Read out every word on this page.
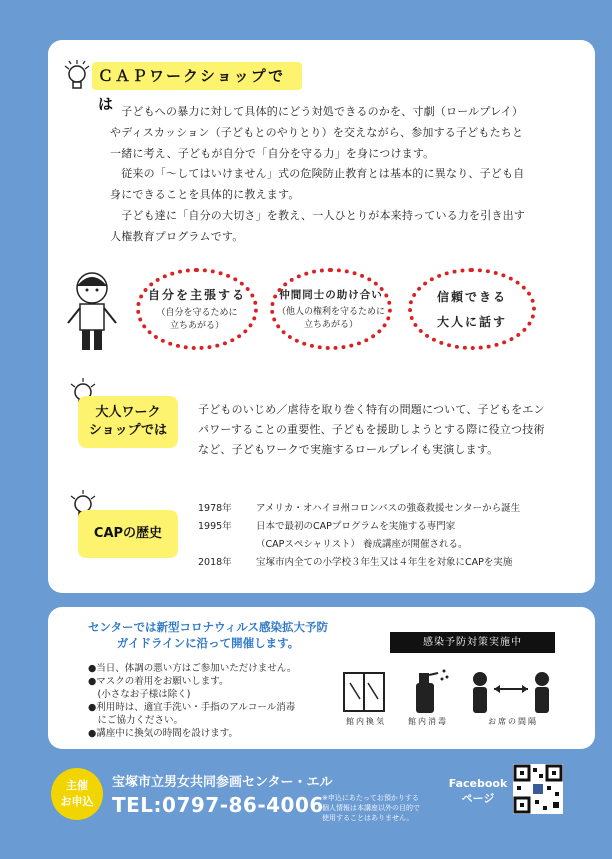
ＣＡＰワークショップでは
　子どもへの暴力に対して具体的にどう対処できるのかを、寸劇（ロールプレイ）
やディスカッション（子どもとのやりとり）を交えながら、参加する子どもたちと
一緒に考え、子どもが自分で「自分を守る力」を身につけます。
　従来の「～してはいけません」式の危険防止教育とは基本的に異なり、子ども自
身にできることを具体的に教えます。
　子ども達に「自分の大切さ」を教え、一人ひとりが本来持っている力を引き出す
人権教育プログラムです。
自分を主張する
（自分を守るために
立ちあがる）
仲間同士の助け合い
（他人の権利を守るために
立ちあがる）
信頼できる
大人に話す
大人ワーク
ショップでは
子どものいじめ／虐待を取り巻く特有の問題について、子どもをエン
パワーすることの重要性、子どもを援助しようとする際に役立つ技術
など、子どもワークで実施するロールプレイも実演します。
CAPの歴史
1978年	アメリカ・オハイヨ州コロンバスの強姦救援センターから誕生
1995年	日本で最初のCAPプログラムを実施する専門家
（CAPスペシャリスト） 養成講座が開催される。
2018年	宝塚市内全ての小学校３年生又は４年生を対象にCAPを実施
センターでは新型コロナウィルス感染拡大予防
ガイドラインに沿って開催します。
●当日、体調の悪い方はご参加いただけません。
●マスクの着用をお願いします。
　(小さなお子様は除く)
●利用時は、適宜手洗い・手指のアルコール消毒
　にご協力ください。
●講座中に換気の時間を設けます。
感染予防対策実施中
館内換気	館内消毒	お席の間隔
主催
お申込
宝塚市立男女共同参画センター・エル
TEL:0797-86-4006
※申込にあたってお預かりする
個人情報は本講座以外の目的で
使用することはありません。
Facebook
ページ
